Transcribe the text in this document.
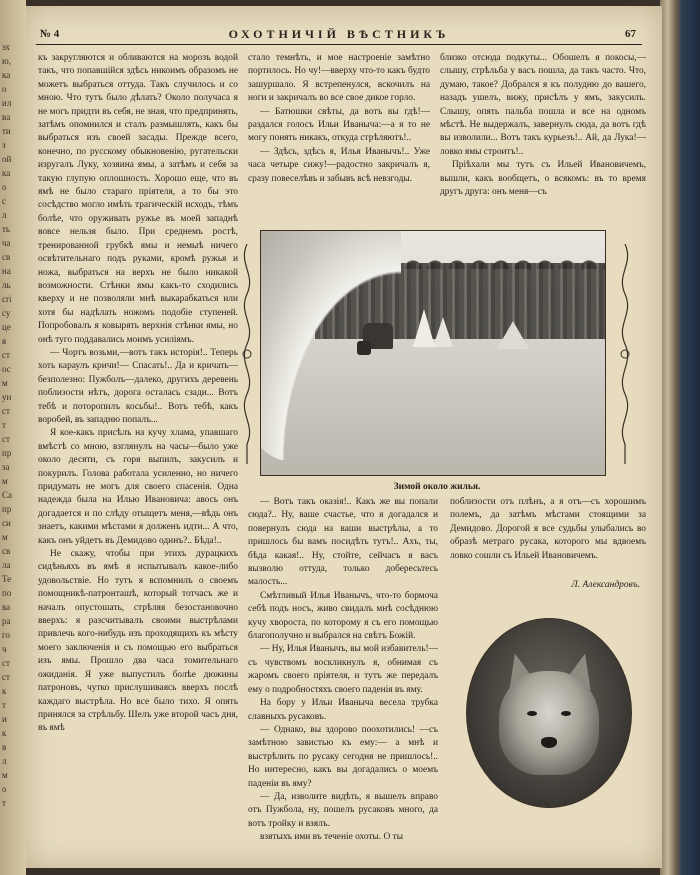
эх
ю,
ка
о
ил
вa
ти
з
ой
ка
о
с
л
ть
ча
св
на
ль
cri
су
цe
я
ст
ос
м
ун
ст
т
ст
пр
за
м
Ca
пр
си
м
св
ла
Те
по
ва
ра
го
ч
ст
ст
к
т
и
к
в
л
м
о
т
№ 4	ОХОТНИЧІЙ ВѢСТНИКЪ	67

къ закругляются и обливаются на морозъ водой такъ, что попавшійся здѣсь никоимъ образомъ не можетъ выбраться оттуда. Такъ случилось и со мною. Что тутъ было дѣлать? Около получаса я не могъ придти въ себя, не зная, что предпринять, затѣмъ опомнился и сталъ размышлять, какъ бы выбраться изъ своей засады. Прежде всего, конечно, по русскому обыкновенію, ругательски изругалъ Луку, хозяина ямы, а затѣмъ и себя за такую глупую оплошность. Хорошо еще, что въ ямѣ не было стараго пріятеля, а то бы это сосѣдство могло имѣть трагическій исходъ, тѣмъ болѣе, что оруживать ружье въ моей западнѣ вовсе нельзя было. При среднемъ ростѣ, тренированной грубкѣ ямы и немыѣ ничего освѣтительнаго подъ руками, кромѣ ружья и ножа, выбраться на верхъ не было никакой возможности. Стѣнки ямы какъ-то сходились кверху и не позволяли мнѣ выкарабкаться или хотя бы надѣлать ножомъ подобіе ступеней. Попробовалъ я ковырять верхнія стѣнки ямы, но онѣ туго поддавались моимъ усиліямъ.

— Чортъ возьми,—вотъ такъ исторія!.. Теперь хоть караулъ кричи!— Спасать!.. Да и кричать—безполезно: Пужболъ—далеко, другихъ деревень поблизости нѣтъ, дорога осталась сзади... Вотъ тебѣ и поторопилъ косьбы!.. Вотъ тебѣ, какъ воробей, въ западню попалъ...

Я кое-какъ присѣлъ на кучу хлама, упавшаго вмѣстѣ со мною, взглянулъ на часы—было уже около десяти, съ горя выпилъ, закусилъ и покурилъ. Голова работала усиленно, но ничего придумать не могъ для своего спасенія. Одна надежда была на Илью Ивановича: авось онъ догадается и по слѣду отыщетъ меня,—вѣдь онъ знаетъ, какими мѣстами я долженъ идти... А что, какъ онъ уйдетъ въ Демидово одинъ?.. Бѣда!..

Не скажу, чтобы при этихъ дурацкихъ сидѣньяхъ въ ямѣ я испытывалъ какое-либо удовольствіе. Но тутъ я вспомнилъ о своемъ помощникѣ-патронташѣ, который тотчасъ же и началъ опустошать, стрѣляя безостановочно вверхъ: я разсчитывалъ своими выстрѣлами привлечь кого-нибудь изъ проходящихъ къ мѣсту моего заключенія и съ помощью его выбраться изъ ямы. Прошло два часа томительнаго ожиданія. Я уже выпустилъ болѣе дюжины патроновъ, чутко прислушиваясь вверхъ послѣ каждаго выстрѣла. Но все было тихо. Я опять принялся за стрѣльбу. Шелъ уже второй часъ дня, въ ямѣ

стало темнѣть, и мое настроеніе замѣтно портилось. Но чу!—вверху что-то какъ будто зашуршало. Я встрепенулся, вскочилъ на ноги и закричалъ во все свое дикое горло.

— Батюшки свѣты, да вотъ вы гдѣ!—раздался голосъ Ильи Иваныча:—а я то не могу понять никакъ, откуда стрѣляютъ!..

— Здѣсь, здѣсь я, Илья Иванычъ!.. Уже часа четыре сижу!—радостно закричалъ я, сразу повеселѣвъ и забывъ всѣ невзгоды.

близко отсюда подкуты... Обошелъ я покосы,—слышу, стрѣльба у васъ пошла, да такъ часто. Что, думаю, такое? Добрался я къ полудню до вашего, назадъ ушелъ, вижу, присѣлъ у ямъ, закусилъ. Слышу, опять пальба пошла и все на одномъ мѣстѣ. Не выдержалъ, завернулъ сюда, да вотъ гдѣ вы изволили... Вотъ такъ курьезъ!.. Ай, да Лука!—ловко ямы строитъ!..

Пріѣхали мы тутъ съ Ильей Ивановичемъ, вышли, какъ вообщетъ, о всякомъ: въ то время другъ друга: онъ меня—съ

Зимой около жилья.

— Вотъ такъ оказія!.. Какъ же вы попали сюда?.. Ну, ваше счастье, что я догадался и повернулъ сюда на ваши выстрѣлы, а то пришлось бы вамъ посидѣть тутъ!.. Ахъ, ты, бѣда какая!.. Ну, стойте, сейчасъ я васъ вызволю оттуда, только добересьтесь малость...

Смѣтливый Илья Иванычъ, что-то бормоча себѣ подъ носъ, живо свидалъ мнѣ сосѣднюю кучу хвороста, по которому я съ его помощью благополучно и выбрался на свѣтъ Божій.

— Ну, Илья Иванычъ, вы мой избавитель!—съ чувствомъ воскликнулъ я, обнимая съ жаромъ своего пріятеля, и тутъ же передалъ ему о подробностяхъ своего паденія въ яму.

На бору у Ильи Иваныча весела трубка славныхъ русаковъ.

— Однако, вы здорово поохотились! —съ замѣтною завистью къ ему:— а мнѣ и выстрѣлить по русаку сегодня не пришлось!.. Но интересно, какъ вы догадались о моемъ паденіи въ яму?

— Да, изволите видѣть, я вышелъ вправо отъ Пужбола, ну, пошелъ русаковъ много, да вотъ тройку и взялъ.

взятыхъ ими въ теченіе охоты. О ты

поблизости отъ плѣнъ, а я отъ—съ хорошимъ полемъ, да затѣмъ мѣстами стоящими за Демидово. Дорогой я все судьбы улыбались во образѣ метраго русака, которого мы вдвоемъ ловко сошли съ Ильей Ивановичемъ.

Л. Александровъ.
